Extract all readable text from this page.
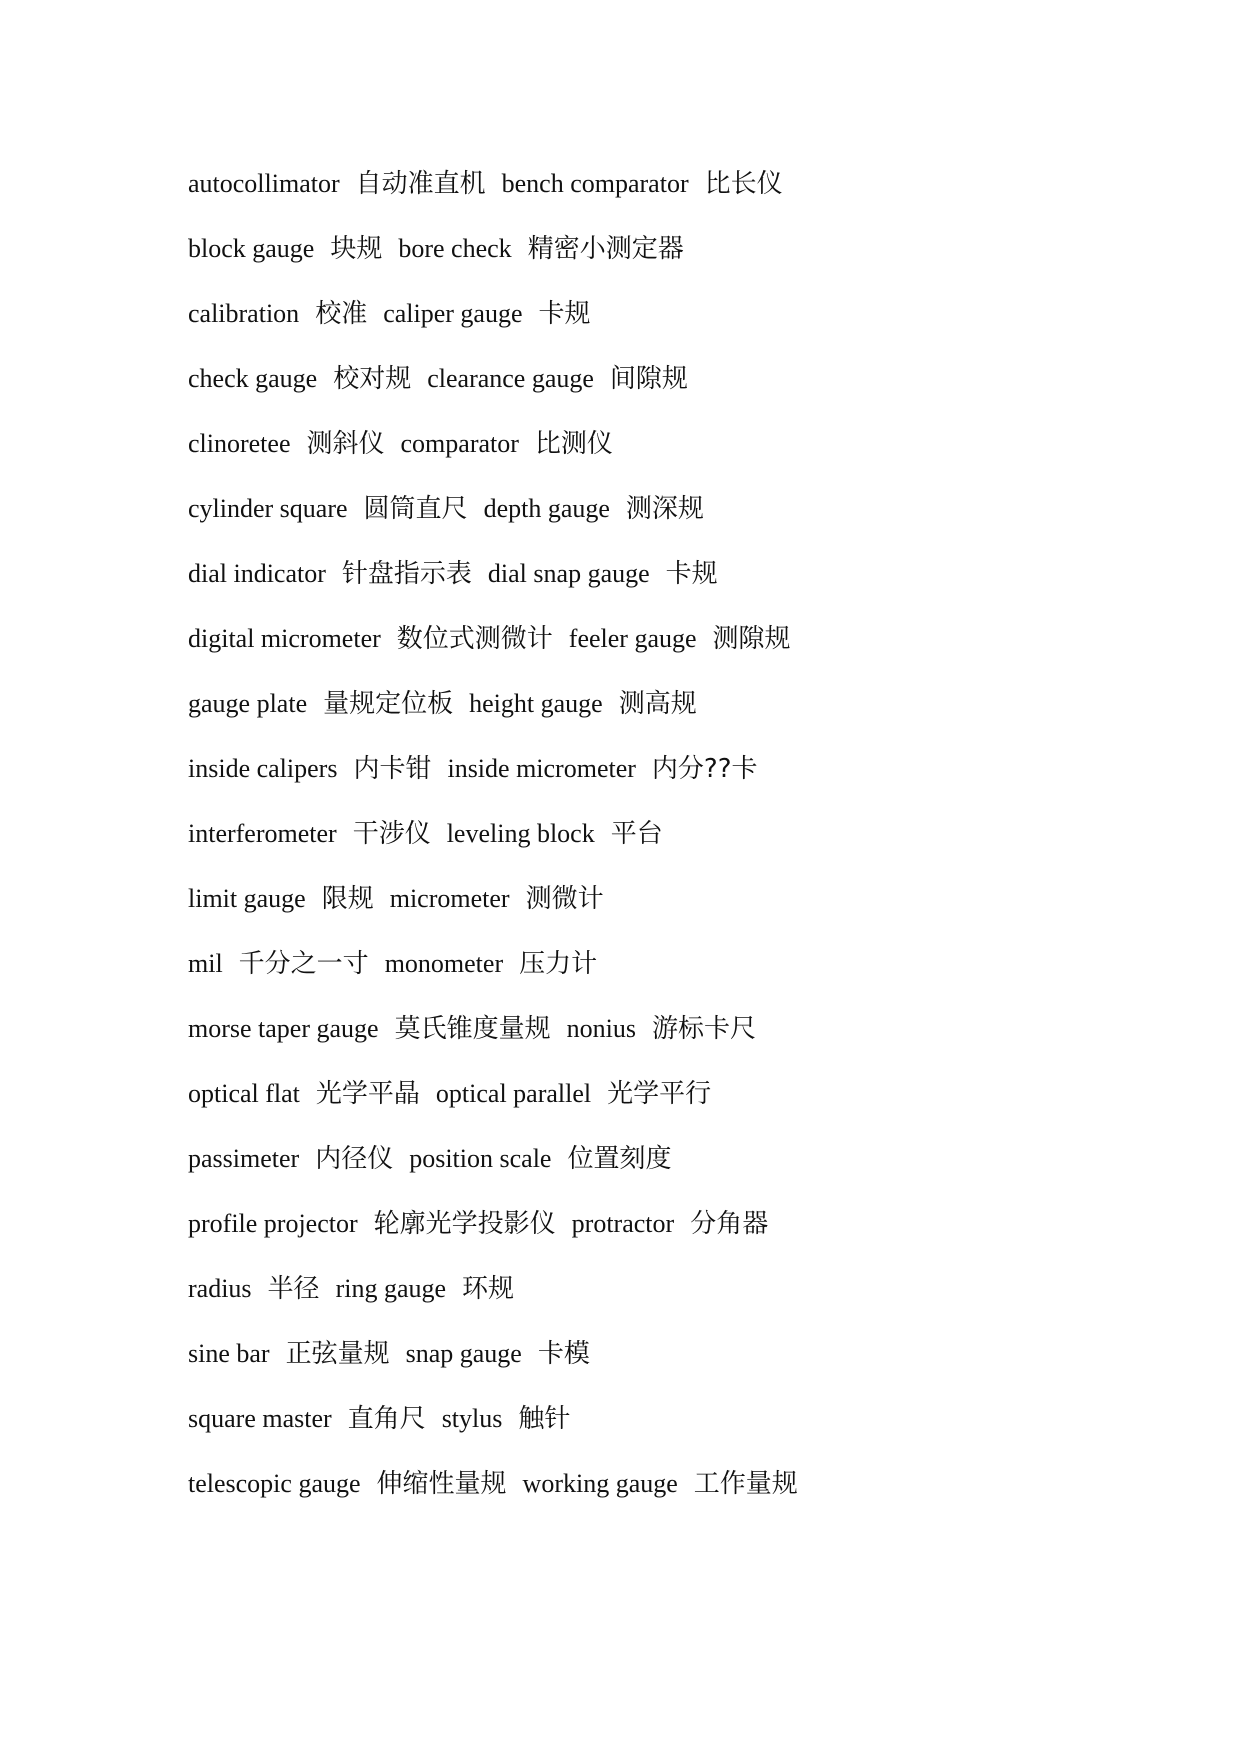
autocollimator 自动准直机 bench comparator 比长仪
block gauge 块规 bore check 精密小测定器
calibration 校准 caliper gauge 卡规
check gauge 校对规 clearance gauge 间隙规
clinoretee 测斜仪 comparator 比测仪
cylinder square 圆筒直尺 depth gauge 测深规
dial indicator 针盘指示表 dial snap gauge 卡规
digital micrometer 数位式测微计 feeler gauge 测隙规
gauge plate 量规定位板 height gauge 测高规
inside calipers 内卡钳 inside micrometer 内分??卡
interferometer 干涉仪 leveling block 平台
limit gauge 限规 micrometer 测微计
mil 千分之一寸 monometer 压力计
morse taper gauge 莫氏锥度量规 nonius 游标卡尺
optical flat 光学平晶 optical parallel 光学平行
passimeter 内径仪 position scale 位置刻度
profile projector 轮廓光学投影仪 protractor 分角器
radius 半径 ring gauge 环规
sine bar 正弦量规 snap gauge 卡模
square master 直角尺 stylus 触针
telescopic gauge 伸缩性量规 working gauge 工作量规
